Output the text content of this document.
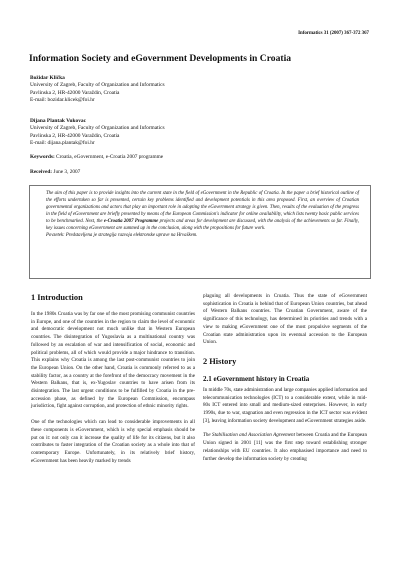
Informatics 31 (2007) 367-372 367
Information Society and eGovernment Developments in Croatia
Božidar Klička
University of Zagreb, Faculty of Organization and Informatics
Pavlinska 2, HR-42000 Varaždin, Croatia
E-mail: bozidar.klicek@foi.hr
Dijana Plantak Vukovac
University of Zagreb, Faculty of Organization and Informatics
Pavlinska 2, HR-42000 Varaždin, Croatia
E-mail: dijana.plantak@foi.hr
Keywords: Croatia, eGovernment, e-Croatia 2007 programme
Received: June 3, 2007
The aim of this paper is to provide insights into the current state in the field of eGovernment in the Republic of Croatia. In the paper a brief historical outline of the efforts undertaken so far is presented, certain key problems identified and development potentials in this area proposed. First, an overview of Croatian governmental organizations and actors that play an important role in adopting the eGovernment strategy is given. Then, results of the evaluation of the progress in the field of eGovernment are briefly presented by means of the European Commission's indicator for online availability, which lists twenty basic public services to be benchmarked. Next, the e-Croatia 2007 Programme projects and areas for development are discussed, with the analysis of the achievements so far. Finally, key issues concerning eGovernment are summed up in the conclusion, along with the propositions for future work.
Povzetek: Predstavljena je strategija razvoja elektronske uprave na Hrvaškem.
1 Introduction

In the 1980s Croatia was by far one of the most promising communist countries in Europe, and one of the countries in the region to claim the level of economic and democratic development not much unlike that in Western European countries. The disintegration of Yugoslavia as a multinational country was followed by an escalation of war and intensification of social, economic and political problems, all of which would provide a major hindrance to transition. This explains why Croatia is among the last post-communist countries to join the European Union. On the other hand, Croatia is commonly referred to as a stability factor, as a country at the forefront of the democracy movement in the Western Balkans, that is, ex-Yugoslav countries to have arisen from its disintegration. The last urgent conditions to be fulfilled by Croatia in the pre-accession phase, as defined by the European Commission, encompass jurisdiction, fight against corruption, and protection of ethnic minority rights.

One of the technologies which can lead to considerable improvements in all these components is eGovernment, which is why special emphasis should be put on it: not only can it increase the quality of life for its citizens, but it also contributes to faster integration of the Croatian society as a whole into that of contemporary Europe. Unfortunately, in its relatively brief history, eGovernment has been heavily marked by trends

plaguing all developments in Croatia. Thus the state of eGovernment sophistication in Croatia is behind that of European Union countries, but ahead of Western Balkans countries. The Croatian Government, aware of the significance of this technology, has determined its priorities and trends with a view to making eGovernment one of the most propulsive segments of the Croatian state administration upon its eventual accession to the European Union.

2 History
2.1 eGovernment history in Croatia

In middle 70s, state administration and large companies applied information and telecommunication technologies (ICT) to a considerable extent, while in mid-80s ICT entered into small and medium-sized enterprises. However, in early 1990s, due to war, stagnation and even regression in the ICT sector was evident [3], leaving information society development and eGovernment strategies aside.

The Stabilisation and Association Agreement between Croatia and the European Union signed in 2001 [11] was the first step toward establishing stronger relationships with EU countries. It also emphasised importance and need to further develop the information society by creating
